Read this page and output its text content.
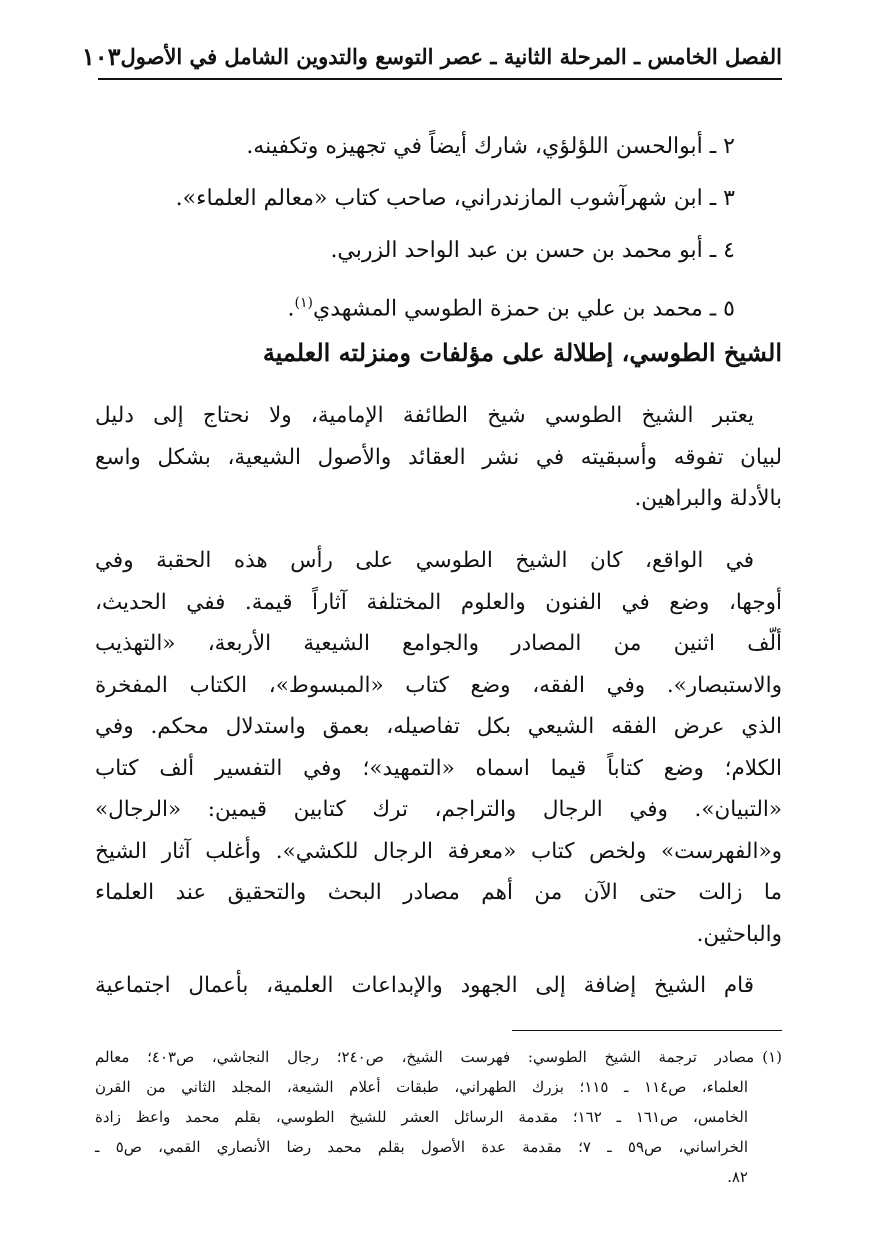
الفصل الخامس ـ المرحلة الثانية ـ عصر التوسع والتدوين الشامل في الأصول
١٠٣
٢ ـ أبوالحسن اللؤلؤي، شارك أيضاً في تجهيزه وتكفينه.
٣ ـ ابن شهرآشوب المازندراني، صاحب كتاب «معالم العلماء».
٤ ـ أبو محمد بن حسن بن عبد الواحد الزربي.
٥ ـ محمد بن علي بن حمزة الطوسي المشهدي$^{(١)}$.
الشيخ الطوسي، إطلالة على مؤلفات ومنزلته العلمية
يعتبر الشيخ الطوسي شيخ الطائفة الإمامية، ولا نحتاج إلى دليل
لبيان تفوقه وأسبقيته في نشر العقائد والأصول الشيعية، بشكل واسع
بالأدلة والبراهين.
في الواقع، كان الشيخ الطوسي على رأس هذه الحقبة وفي
أوجها، وضع في الفنون والعلوم المختلفة آثاراً قيمة. ففي الحديث،
ألّف اثنين من المصادر والجوامع الشيعية الأربعة، «التهذيب
والاستبصار». وفي الفقه، وضع كتاب «المبسوط»، الكتاب المفخرة
الذي عرض الفقه الشيعي بكل تفاصيله، بعمق واستدلال محكم. وفي
الكلام؛ وضع كتاباً قيما اسماه «التمهيد»؛ وفي التفسير ألف كتاب
«التبيان». وفي الرجال والتراجم، ترك كتابين قيمين: «الرجال»
و«الفهرست» ولخص كتاب «معرفة الرجال للكشي». وأغلب آثار الشيخ
ما زالت حتى الآن من أهم مصادر البحث والتحقيق عند العلماء
والباحثين.
قام الشيخ إضافة إلى الجهود والإبداعات العلمية، بأعمال اجتماعية
(١)مصادر ترجمة الشيخ الطوسي: فهرست الشيخ، ص٢٤٠؛ رجال النجاشي، ص٤٠٣؛ معالم
العلماء، ص١١٤ ـ ١١٥؛ بزرك الطهراني، طبقات أعلام الشيعة، المجلد الثاني من القرن
الخامس، ص١٦١ ـ ١٦٢؛ مقدمة الرسائل العشر للشيخ الطوسي، بقلم محمد واعظ زادة
الخراساني، ص٥٩ ـ ٧؛ مقدمة عدة الأصول بقلم محمد رضا الأنصاري القمي، ص٥ ـ
٨٢.
